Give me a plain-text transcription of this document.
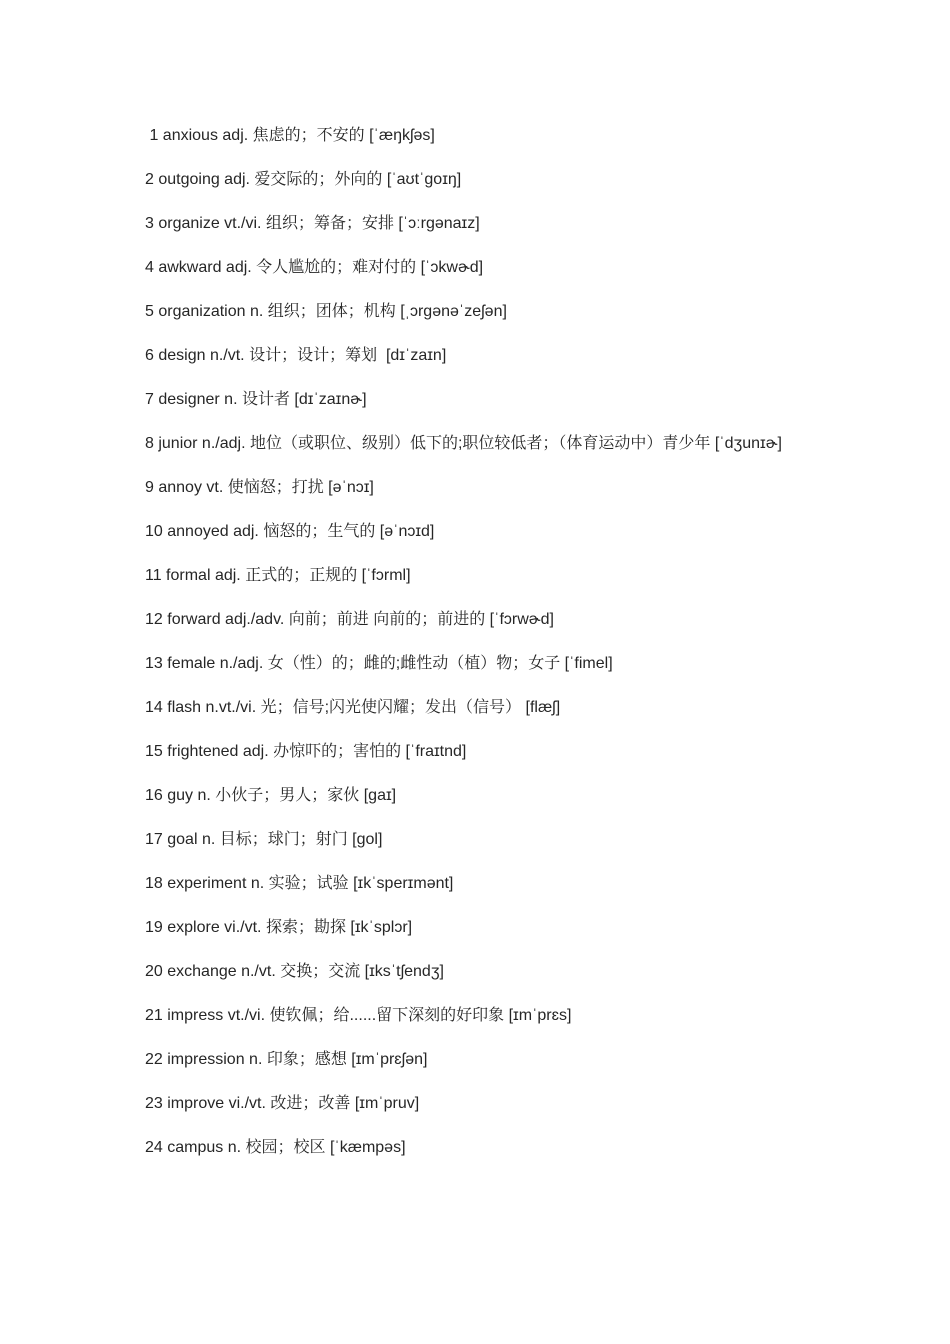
1 anxious adj. 焦虑的；不安的 [ˈæŋkʃəs]

2 outgoing adj. 爱交际的；外向的 [ˈaʊtˈgoɪŋ]

3 organize vt./vi. 组织；筹备；安排 [ˈɔːrgənaɪz]

4 awkward adj. 令人尴尬的；难对付的 [ˈɔkwɚd]

5 organization n. 组织；团体；机构 [ˌɔrgənəˈzeʃən]

6 design n./vt. 设计；设计；筹划  [dɪˈzaɪn]

7 designer n. 设计者 [dɪˈzaɪnɚ]

8 junior n./adj. 地位（或职位、级别）低下的;职位较低者；（体育运动中）青少年 [ˈdʒunɪɚ]

9 annoy vt. 使恼怒；打扰 [əˈnɔɪ]

10 annoyed adj. 恼怒的；生气的 [əˈnɔɪd]

11 formal adj. 正式的；正规的 [ˈfɔrml]

12 forward adj./adv. 向前；前进 向前的；前进的 [ˈfɔrwɚd]

13 female n./adj. 女（性）的；雌的;雌性动（植）物；女子 [ˈfimel]

14 flash n.vt./vi. 光；信号;闪光使闪耀；发出（信号） [flæʃ]

15 frightened adj. 办惊吓的；害怕的 [ˈfraɪtnd]

16 guy n. 小伙子；男人；家伙 [gaɪ]

17 goal n. 目标；球门；射门 [gol]

18 experiment n. 实验；试验 [ɪkˈsperɪmənt]

19 explore vi./vt. 探索；勘探 [ɪkˈsplɔr]

20 exchange n./vt. 交换；交流 [ɪksˈtʃendʒ]

21 impress vt./vi. 使钦佩；给......留下深刻的好印象 [ɪmˈprɛs]

22 impression n. 印象；感想 [ɪmˈprɛʃən]

23 improve vi./vt. 改进；改善 [ɪmˈpruv]

24 campus n. 校园；校区 [ˈkæmpəs]
